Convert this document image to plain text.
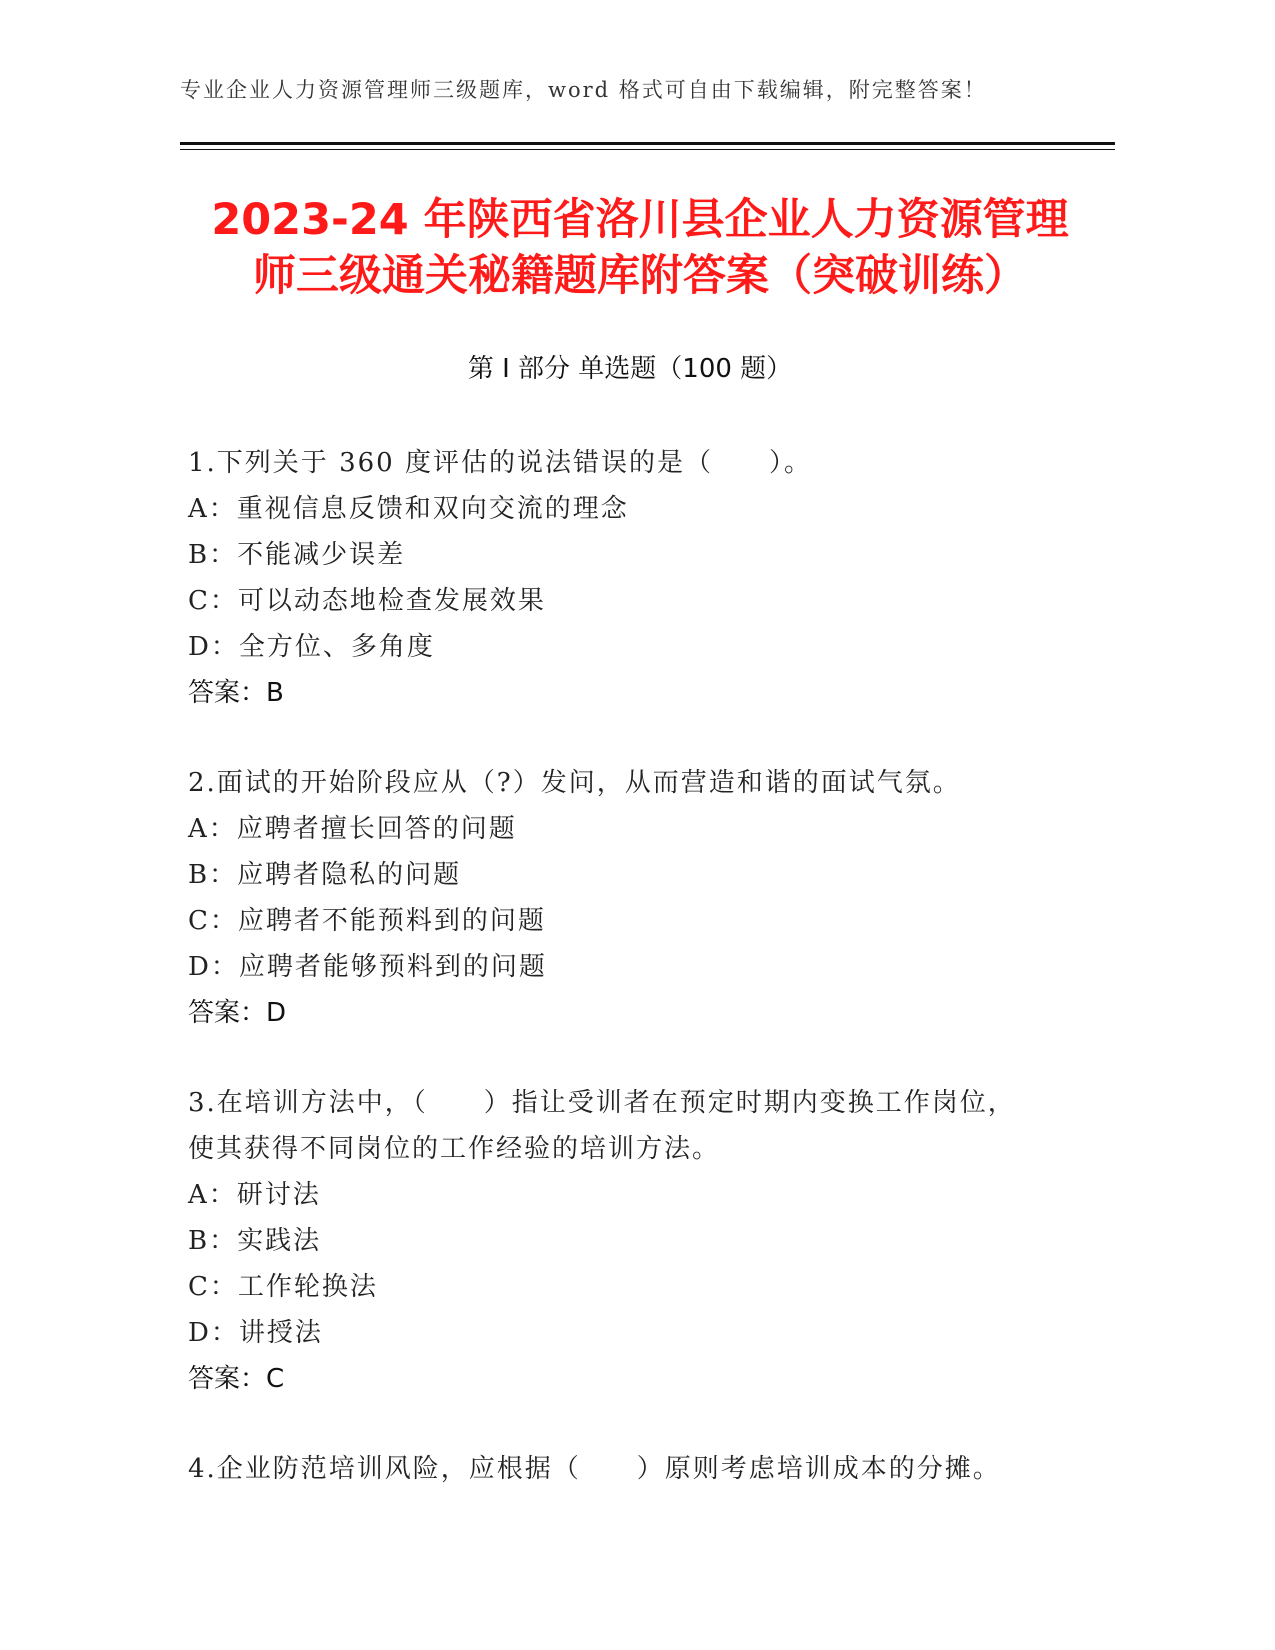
专业企业人力资源管理师三级题库，word 格式可自由下载编辑，附完整答案！
2023-24 年陕西省洛川县企业人力资源管理
师三级通关秘籍题库附答案（突破训练）
第 I 部分 单选题（100 题）
1.下列关于 360 度评估的说法错误的是（　　）。
A：重视信息反馈和双向交流的理念
B：不能减少误差
C：可以动态地检查发展效果
D：全方位、多角度
答案：B
2.面试的开始阶段应从（?）发问，从而营造和谐的面试气氛。
A：应聘者擅长回答的问题
B：应聘者隐私的问题
C：应聘者不能预料到的问题
D：应聘者能够预料到的问题
答案：D
3.在培训方法中，（　　）指让受训者在预定时期内变换工作岗位，
使其获得不同岗位的工作经验的培训方法。
A：研讨法
B：实践法
C：工作轮换法
D：讲授法
答案：C
4.企业防范培训风险，应根据（　　）原则考虑培训成本的分摊。
